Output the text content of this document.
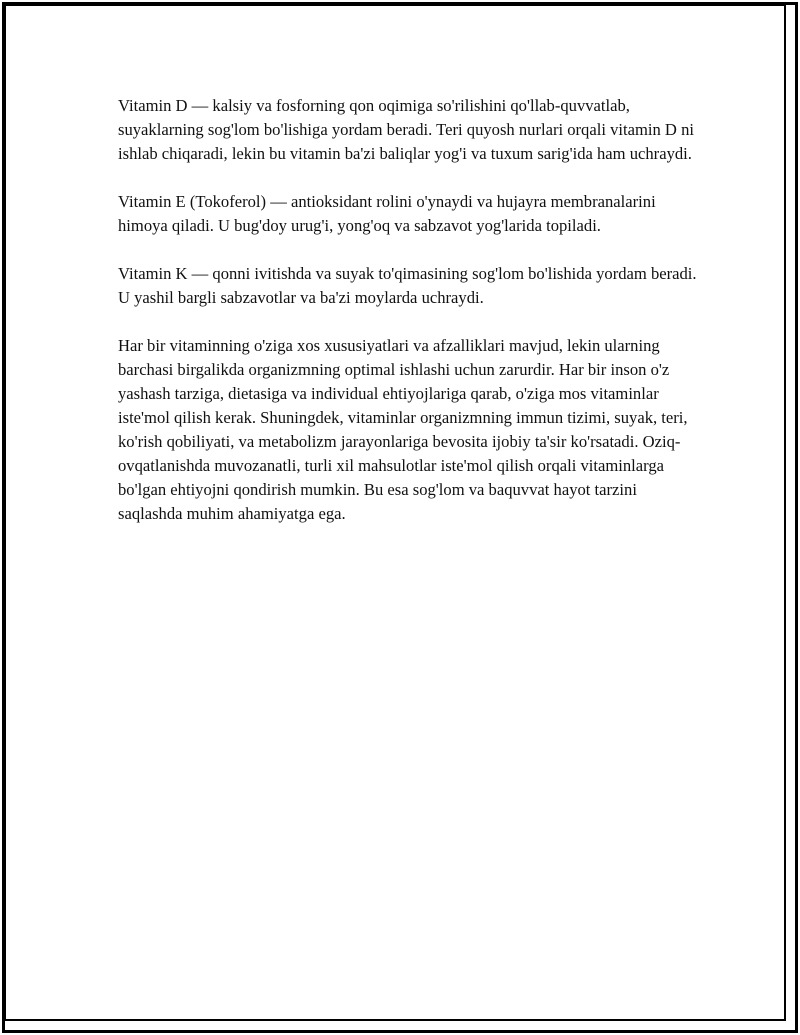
Vitamin D — kalsiy va fosforning qon oqimiga so'rilishini qo'llab-quvvatlab, suyaklarning sog'lom bo'lishiga yordam beradi. Teri quyosh nurlari orqali vitamin D ni ishlab chiqaradi, lekin bu vitamin ba'zi baliqlar yog'i va tuxum sarig'ida ham uchraydi.

Vitamin E (Tokoferol) — antioksidant rolini o'ynaydi va hujayra membranalarini himoya qiladi. U bug'doy urug'i, yong'oq va sabzavot yog'larida topiladi.

Vitamin K — qonni ivitishda va suyak to'qimasining sog'lom bo'lishida yordam beradi. U yashil bargli sabzavotlar va ba'zi moylarda uchraydi.

Har bir vitaminning o'ziga xos xususiyatlari va afzalliklari mavjud, lekin ularning barchasi birgalikda organizmning optimal ishlashi uchun zarurdir. Har bir inson o'z yashash tarziga, dietasiga va individual ehtiyojlariga qarab, o'ziga mos vitaminlar iste'mol qilish kerak. Shuningdek, vitaminlar organizmning immun tizimi, suyak, teri, ko'rish qobiliyati, va metabolizm jarayonlariga bevosita ijobiy ta'sir ko'rsatadi. Oziq-ovqatlanishda muvozanatli, turli xil mahsulotlar iste'mol qilish orqali vitaminlarga bo'lgan ehtiyojni qondirish mumkin. Bu esa sog'lom va baquvvat hayot tarzini saqlashda muhim ahamiyatga ega.
